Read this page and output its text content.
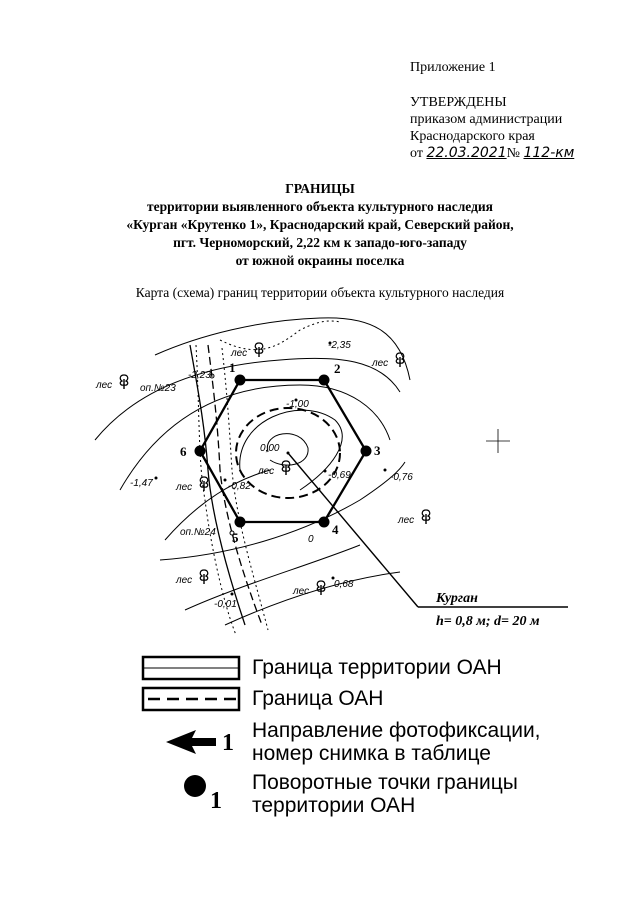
Приложение 1
УТВЕРЖДЕНЫ
приказом администрации
Краснодарского края
от 22.03.2021№ 112-км
ГРАНИЦЫ
территории выявленного объекта культурного наследия
«Курган «Крутенко 1», Краснодарский край, Северский район,
пгт. Черноморский, 2,22 км к западо-юго-западу
от южной окраины поселка
Карта (схема) границ территории объекта культурного наследия
Курган
h= 0,8 м; d= 20 м
1	2
3
4
5
6
-2,35
-2,23
-1,00
0,00
-0,69	-0,76
-1,47	-0,82
0
0,68
-0,01
оп.№23
оп.№24
лес
лес
лес
лес
лес
лес
лес
лес
Граница территории ОАН
Граница ОАН
1 Направление фотофиксации,
номер снимка в таблице
1
Поворотные точки границы
территории ОАН
